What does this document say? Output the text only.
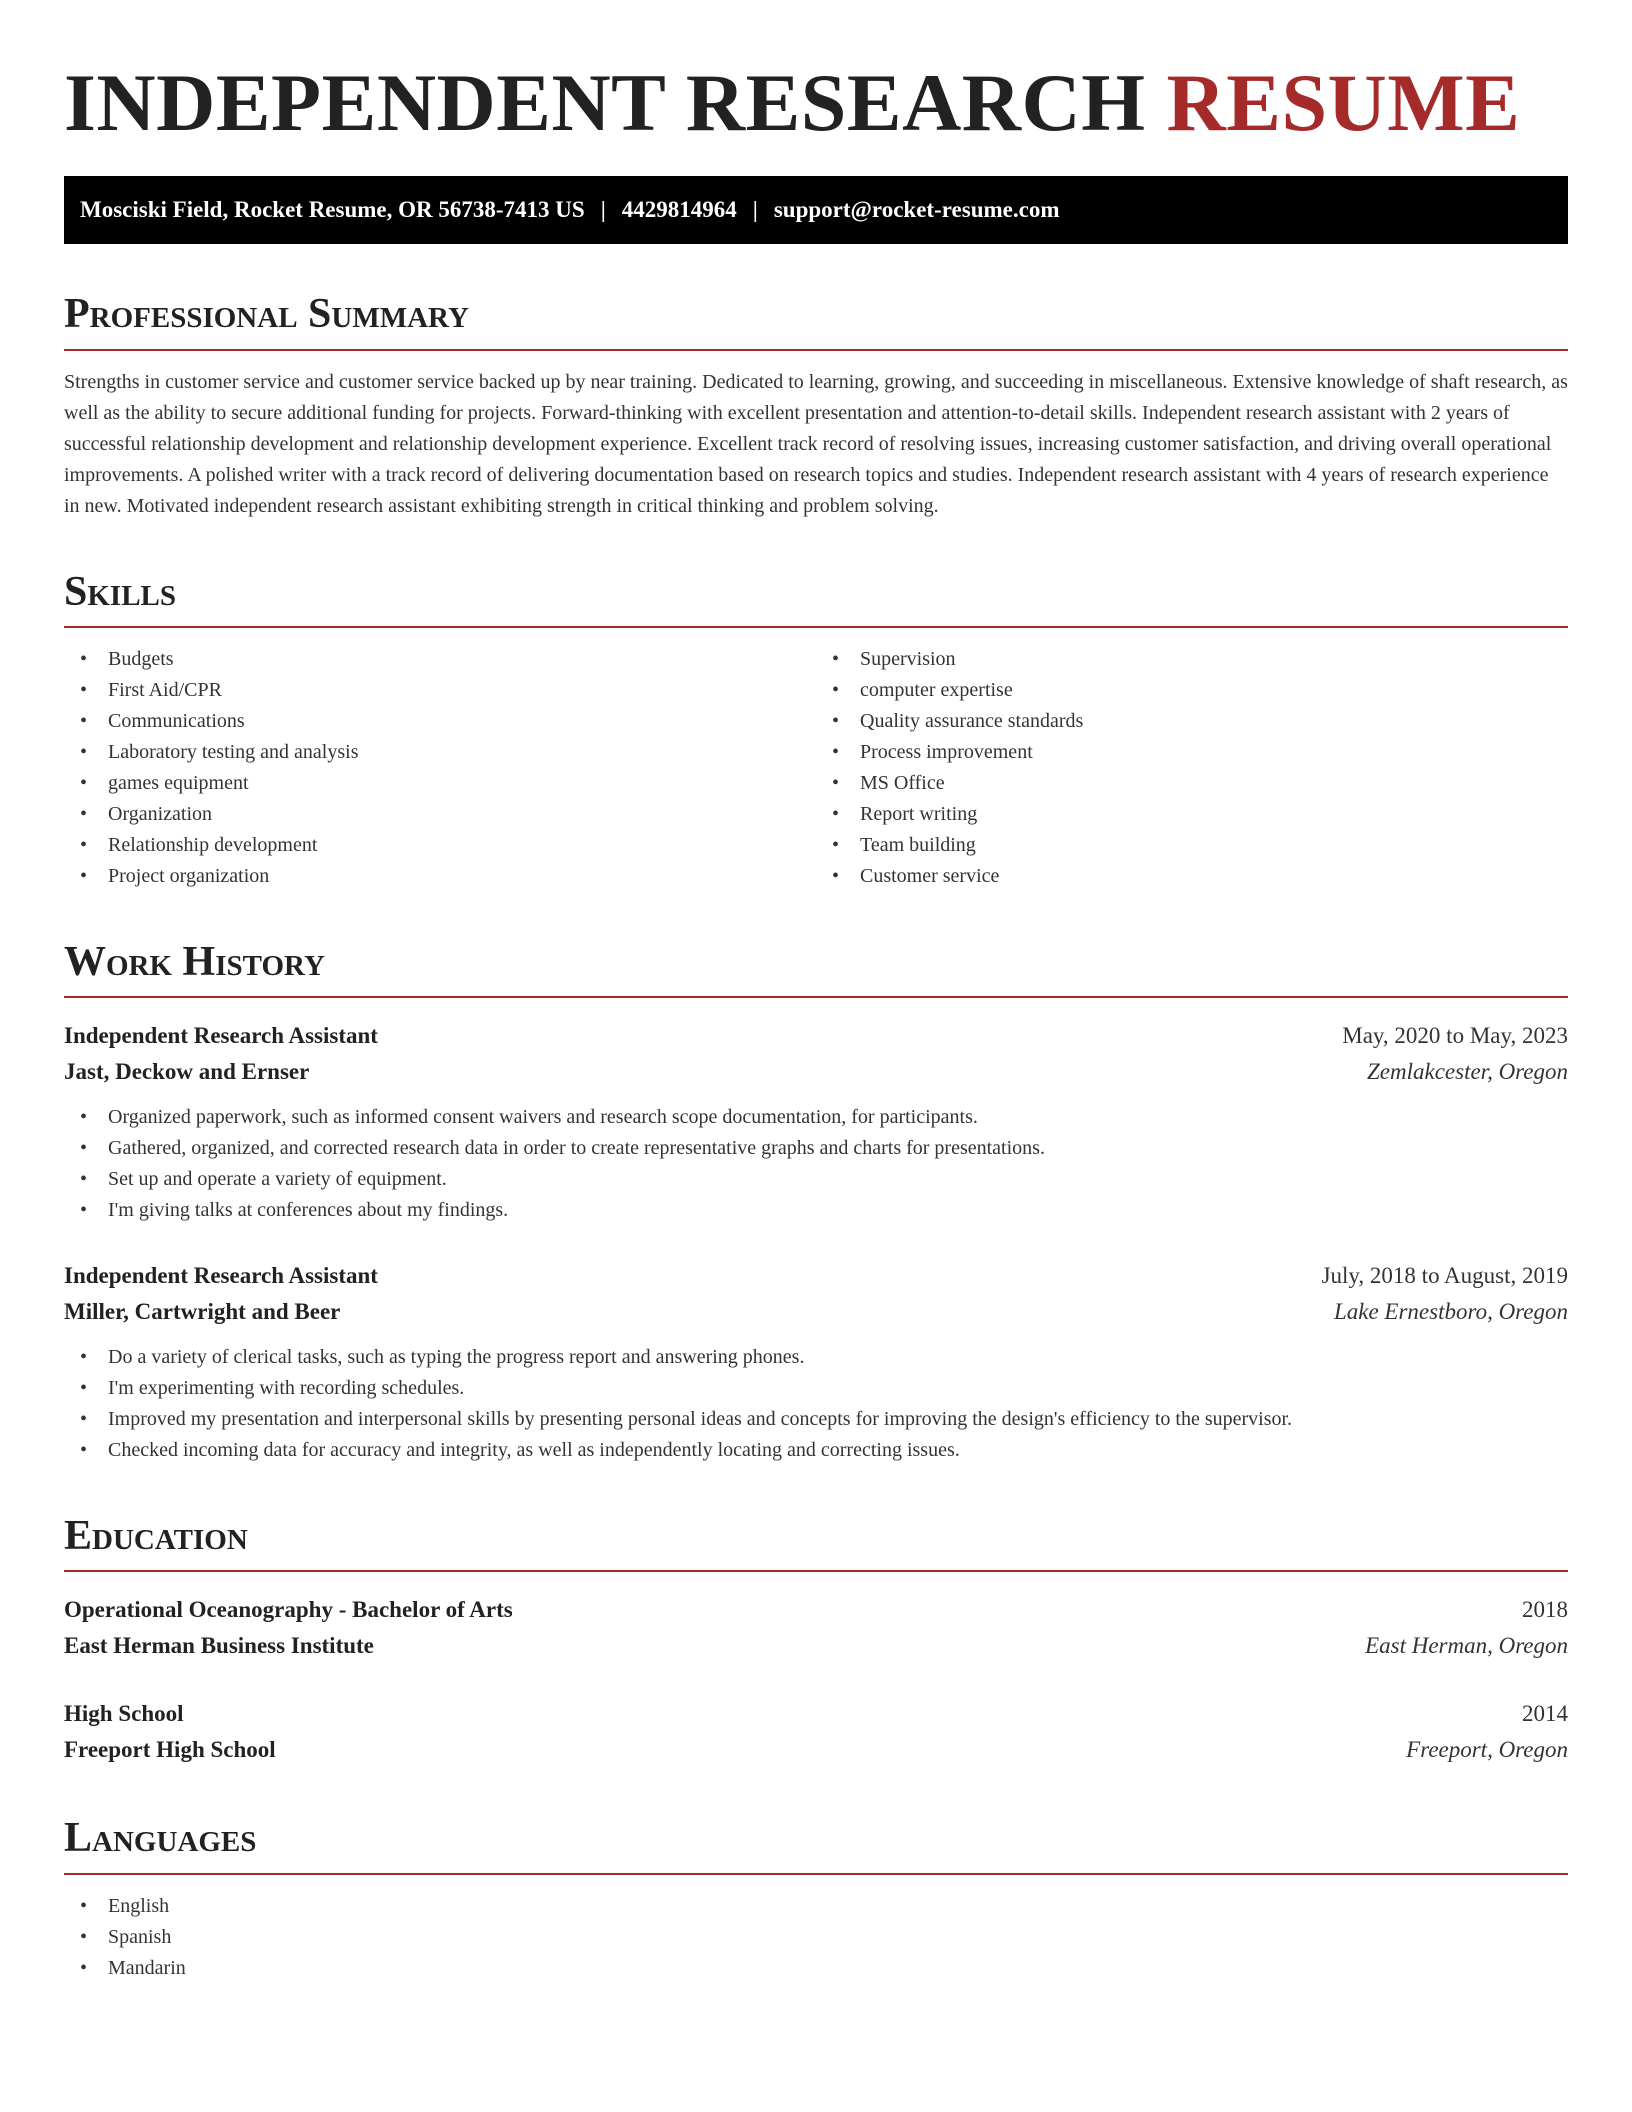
INDEPENDENT RESEARCH RESUME
Mosciski Field, Rocket Resume, OR 56738-7413 US | 4429814964 | support@rocket-resume.com
Professional Summary

Strengths in customer service and customer service backed up by near training. Dedicated to learning, growing, and succeeding in miscellaneous. Extensive knowledge of shaft research, as well as the ability to secure additional funding for projects. Forward-thinking with excellent presentation and attention-to-detail skills. Independent research assistant with 2 years of successful relationship development and relationship development experience. Excellent track record of resolving issues, increasing customer satisfaction, and driving overall operational improvements. A polished writer with a track record of delivering documentation based on research topics and studies. Independent research assistant with 4 years of research experience in new. Motivated independent research assistant exhibiting strength in critical thinking and problem solving.

Skills
• Budgets
• First Aid/CPR
• Communications
• Laboratory testing and analysis
• games equipment
• Organization
• Relationship development
• Project organization
• Supervision
• computer expertise
• Quality assurance standards
• Process improvement
• MS Office
• Report writing
• Team building
• Customer service
Work History
Independent Research Assistant	May, 2020 to May, 2023
Jast, Deckow and Ernser	Zemlakcester, Oregon
• Organized paperwork, such as informed consent waivers and research scope documentation, for participants.
• Gathered, organized, and corrected research data in order to create representative graphs and charts for presentations.
• Set up and operate a variety of equipment.
• I'm giving talks at conferences about my findings.
Independent Research Assistant	July, 2018 to August, 2019
Miller, Cartwright and Beer	Lake Ernestboro, Oregon
• Do a variety of clerical tasks, such as typing the progress report and answering phones.
• I'm experimenting with recording schedules.
• Improved my presentation and interpersonal skills by presenting personal ideas and concepts for improving the design's efficiency to the supervisor.
• Checked incoming data for accuracy and integrity, as well as independently locating and correcting issues.
Education
Operational Oceanography - Bachelor of Arts	2018
East Herman Business Institute	East Herman, Oregon
High School	2014
Freeport High School	Freeport, Oregon
Languages
• English
• Spanish
• Mandarin
